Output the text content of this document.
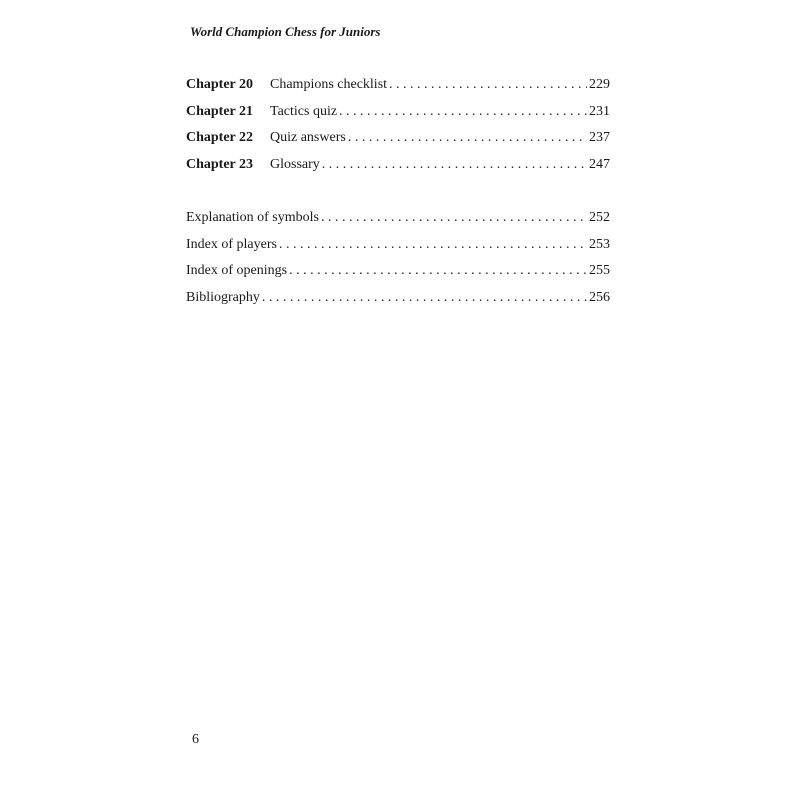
World Champion Chess for Juniors
Chapter 20	Champions checklist . . .	229
Chapter 21	Tactics quiz . . .	231
Chapter 22	Quiz answers . . .	237
Chapter 23	Glossary . . .	247
Explanation of symbols . . .	252
Index of players . . .	253
Index of openings . . .	255
Bibliography . . .	256
6
